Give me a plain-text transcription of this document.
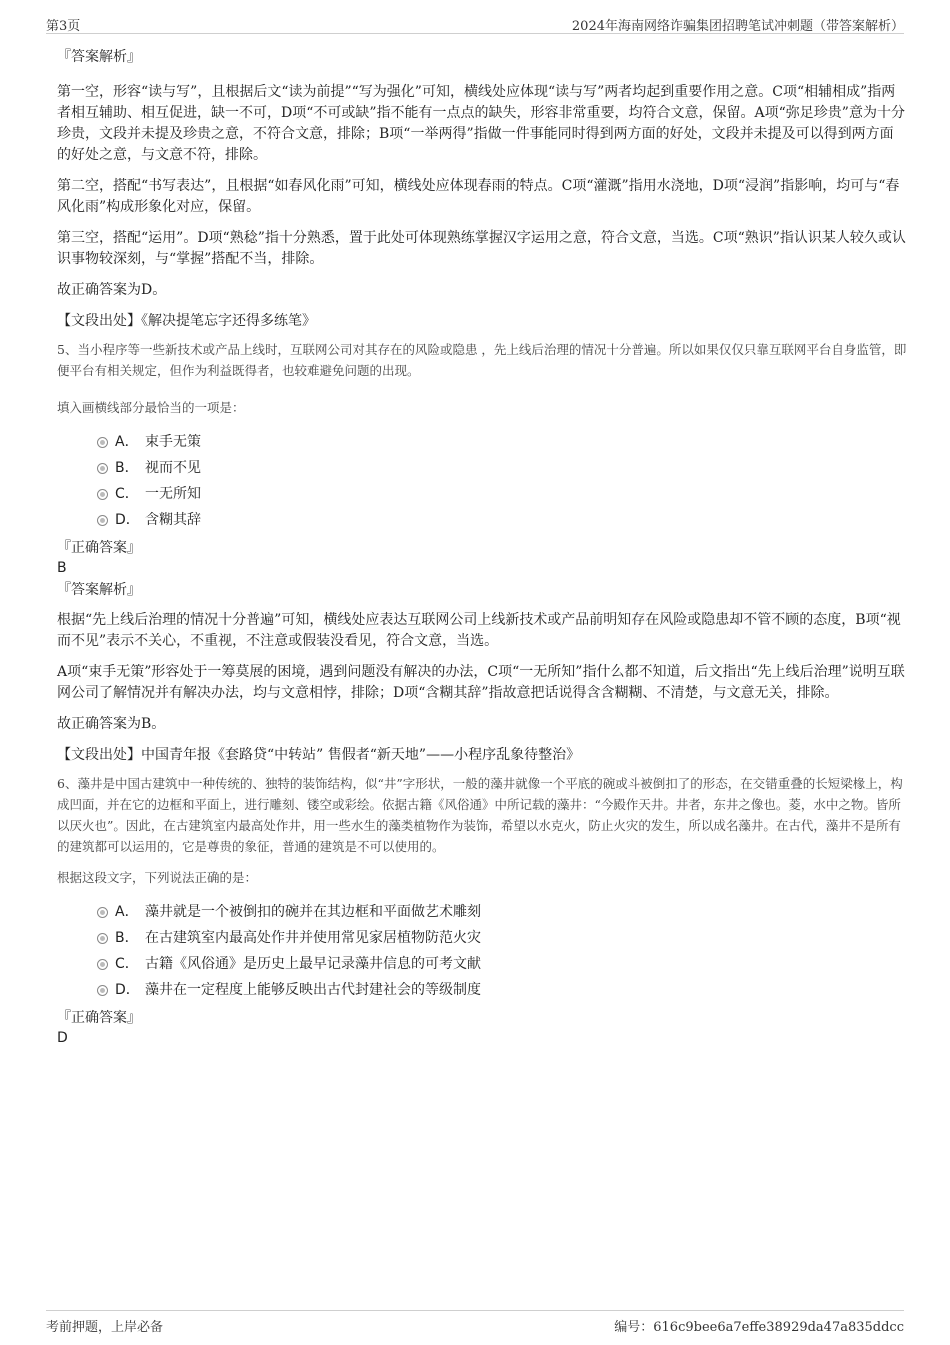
第3页	2024年海南网络诈骗集团招聘笔试冲刺题（带答案解析）
『答案解析』
第一空，形容“读与写”，且根据后文“读为前提”“写为强化”可知，横线处应体现“读与写”两者均起到重要作用之意。C项“相辅相成”指两者相互辅助、相互促进，缺一不可，D项“不可或缺”指不能有一点点的缺失，形容非常重要，均符合文意，保留。A项“弥足珍贵”意为十分珍贵，文段并未提及珍贵之意，不符合文意，排除；B项“一举两得”指做一件事能同时得到两方面的好处，文段并未提及可以得到两方面的好处之意，与文意不符，排除。
第二空，搭配“书写表达”，且根据“如春风化雨”可知，横线处应体现春雨的特点。C项“灌溉”指用水浇地，D项“浸润”指影响，均可与“春风化雨”构成形象化对应，保留。
第三空，搭配“运用”。D项“熟稔”指十分熟悉，置于此处可体现熟练掌握汉字运用之意，符合文意，当选。C项“熟识”指认识某人较久或认识事物较深刻，与“掌握”搭配不当，排除。
故正确答案为D。
【文段出处】《解决提笔忘字还得多练笔》
5、当小程序等一些新技术或产品上线时，互联网公司对其存在的风险或隐患 ，先上线后治理的情况十分普遍。所以如果仅仅只靠互联网平台自身监管，即便平台有相关规定，但作为利益既得者，也较难避免问题的出现。
填入画横线部分最恰当的一项是：
A． 束手无策
B． 视而不见
C． 一无所知
D． 含糊其辞
『正确答案』
B
『答案解析』
根据“先上线后治理的情况十分普遍”可知，横线处应表达互联网公司上线新技术或产品前明知存在风险或隐患却不管不顾的态度，B项“视而不见”表示不关心，不重视，不注意或假装没看见，符合文意，当选。
A项“束手无策”形容处于一筹莫展的困境，遇到问题没有解决的办法，C项“一无所知”指什么都不知道，后文指出“先上线后治理”说明互联网公司了解情况并有解决办法，均与文意相悖，排除；D项“含糊其辞”指故意把话说得含含糊糊、不清楚，与文意无关，排除。
故正确答案为B。
【文段出处】中国青年报《套路贷“中转站” 售假者“新天地”——小程序乱象待整治》
6、藻井是中国古建筑中一种传统的、独特的装饰结构，似“井”字形状，一般的藻井就像一个平底的碗或斗被倒扣了的形态，在交错重叠的长短梁椽上，构成凹面，并在它的边框和平面上，进行雕刻、镂空或彩绘。依据古籍《风俗通》中所记载的藻井：“今殿作天井。井者，东井之像也。菱，水中之物。皆所以厌火也”。因此，在古建筑室内最高处作井，用一些水生的藻类植物作为装饰，希望以水克火，防止火灾的发生，所以成名藻井。在古代，藻井不是所有的建筑都可以运用的，它是尊贵的象征，普通的建筑是不可以使用的。
根据这段文字，下列说法正确的是：
A． 藻井就是一个被倒扣的碗并在其边框和平面做艺术雕刻
B． 在古建筑室内最高处作井并使用常见家居植物防范火灾
C． 古籍《风俗通》是历史上最早记录藻井信息的可考文献
D． 藻井在一定程度上能够反映出古代封建社会的等级制度
『正确答案』
D
考前押题，上岸必备	编号：616c9bee6a7effe38929da47a835ddcc
